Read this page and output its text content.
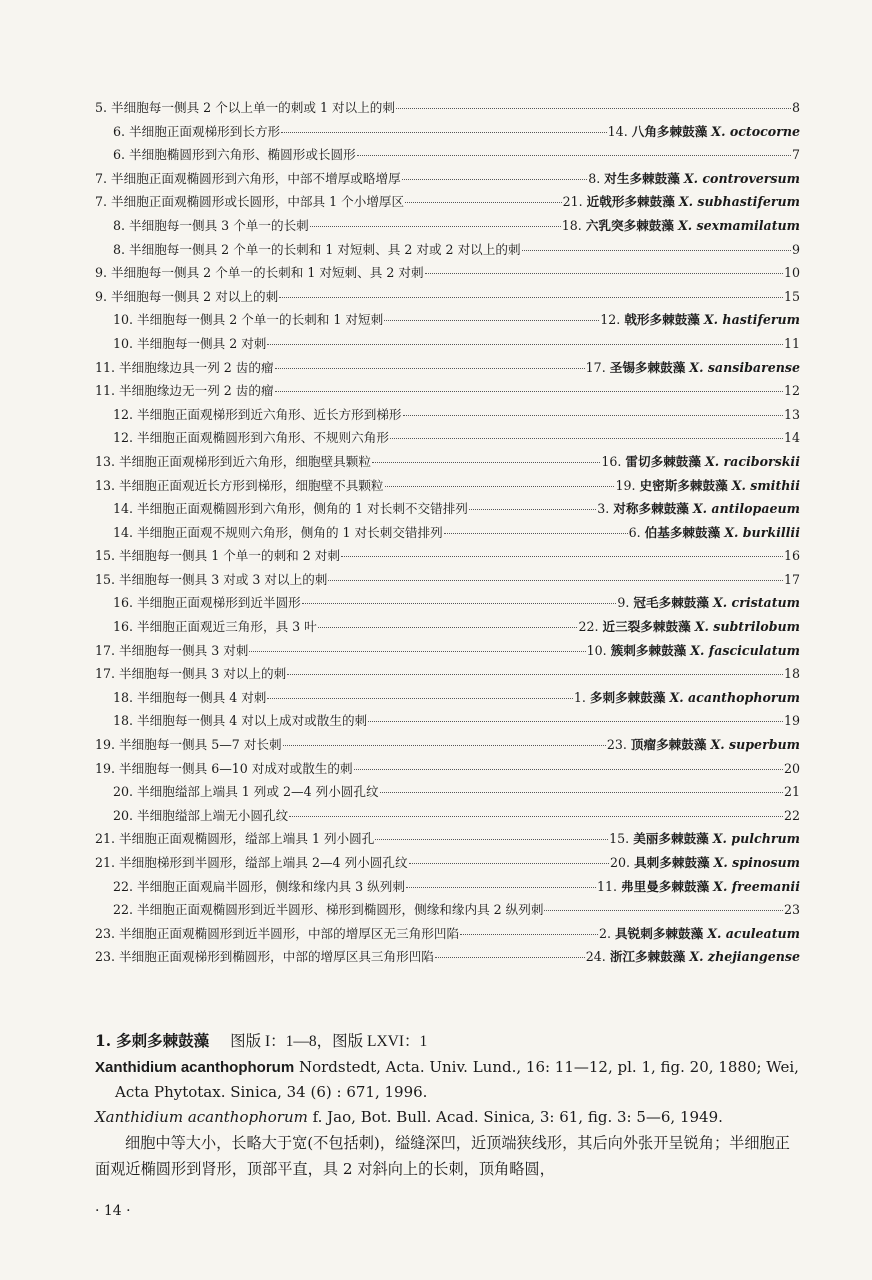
5. 半细胞每一侧具 2 个以上单一的刺或 1 对以上的刺	8
6. 半细胞正面观梯形到长方形	14. 八角多棘鼓藻 X. octocorne
6. 半细胞椭圆形到六角形、椭圆形或长圆形	7
7. 半细胞正面观椭圆形到六角形，中部不增厚或略增厚	8. 对生多棘鼓藻 X. controversum
7. 半细胞正面观椭圆形或长圆形，中部具 1 个小增厚区	21. 近戟形多棘鼓藻 X. subhastiferum
8. 半细胞每一侧具 3 个单一的长刺	18. 六乳突多棘鼓藻 X. sexmamilatum
8. 半细胞每一侧具 2 个单一的长刺和 1 对短刺、具 2 对或 2 对以上的刺	9
9. 半细胞每一侧具 2 个单一的长刺和 1 对短刺、具 2 对刺	10
9. 半细胞每一侧具 2 对以上的刺	15
10. 半细胞每一侧具 2 个单一的长刺和 1 对短刺	12. 戟形多棘鼓藻 X. hastiferum
10. 半细胞每一侧具 2 对刺	11
11. 半细胞缘边具一列 2 齿的瘤	17. 圣锡多棘鼓藻 X. sansibarense
11. 半细胞缘边无一列 2 齿的瘤	12
12. 半细胞正面观梯形到近六角形、近长方形到梯形	13
12. 半细胞正面观椭圆形到六角形、不规则六角形	14
13. 半细胞正面观梯形到近六角形，细胞壁具颗粒	16. 雷切多棘鼓藻 X. raciborskii
13. 半细胞正面观近长方形到梯形，细胞壁不具颗粒	19. 史密斯多棘鼓藻 X. smithii
14. 半细胞正面观椭圆形到六角形，侧角的 1 对长刺不交错排列	3. 对称多棘鼓藻 X. antilopaeum
14. 半细胞正面观不规则六角形，侧角的 1 对长刺交错排列	6. 伯基多棘鼓藻 X. burkillii
15. 半细胞每一侧具 1 个单一的刺和 2 对刺	16
15. 半细胞每一侧具 3 对或 3 对以上的刺	17
16. 半细胞正面观梯形到近半圆形	9. 冠毛多棘鼓藻 X. cristatum
16. 半细胞正面观近三角形，具 3 叶	22. 近三裂多棘鼓藻 X. subtrilobum
17. 半细胞每一侧具 3 对刺	10. 簇刺多棘鼓藻 X. fasciculatum
17. 半细胞每一侧具 3 对以上的刺	18
18. 半细胞每一侧具 4 对刺	1. 多刺多棘鼓藻 X. acanthophorum
18. 半细胞每一侧具 4 对以上成对或散生的刺	19
19. 半细胞每一侧具 5—7 对长刺	23. 顶瘤多棘鼓藻 X. superbum
19. 半细胞每一侧具 6—10 对成对或散生的刺	20
20. 半细胞缢部上端具 1 列或 2—4 列小圆孔纹	21
20. 半细胞缢部上端无小圆孔纹	22
21. 半细胞正面观椭圆形，缢部上端具 1 列小圆孔	15. 美丽多棘鼓藻 X. pulchrum
21. 半细胞梯形到半圆形，缢部上端具 2—4 列小圆孔纹	20. 具刺多棘鼓藻 X. spinosum
22. 半细胞正面观扁半圆形，侧缘和缘内具 3 纵列刺	11. 弗里曼多棘鼓藻 X. freemanii
22. 半细胞正面观椭圆形到近半圆形、梯形到椭圆形，侧缘和缘内具 2 纵列刺	23
23. 半细胞正面观椭圆形到近半圆形，中部的增厚区无三角形凹陷	2. 具锐刺多棘鼓藻 X. aculeatum
23. 半细胞正面观梯形到椭圆形，中部的增厚区具三角形凹陷	24. 浙江多棘鼓藻 X. zhejiangense

1. 多刺多棘鼓藻 图版 I：1—8，图版 LXVI：1

Xanthidium acanthophorum Nordstedt, Acta. Univ. Lund., 16: 11—12, pl. 1, fig. 20, 1880; Wei, Acta Phytotax. Sinica, 34 (6) : 671, 1996.

Xanthidium acanthophorum f. Jao, Bot. Bull. Acad. Sinica, 3: 61, fig. 3: 5—6, 1949.

细胞中等大小，长略大于宽(不包括刺)，缢缝深凹，近顶端狭线形，其后向外张开呈锐角；半细胞正面观近椭圆形到肾形，顶部平直，具 2 对斜向上的长刺，顶角略圆，

· 14 ·
